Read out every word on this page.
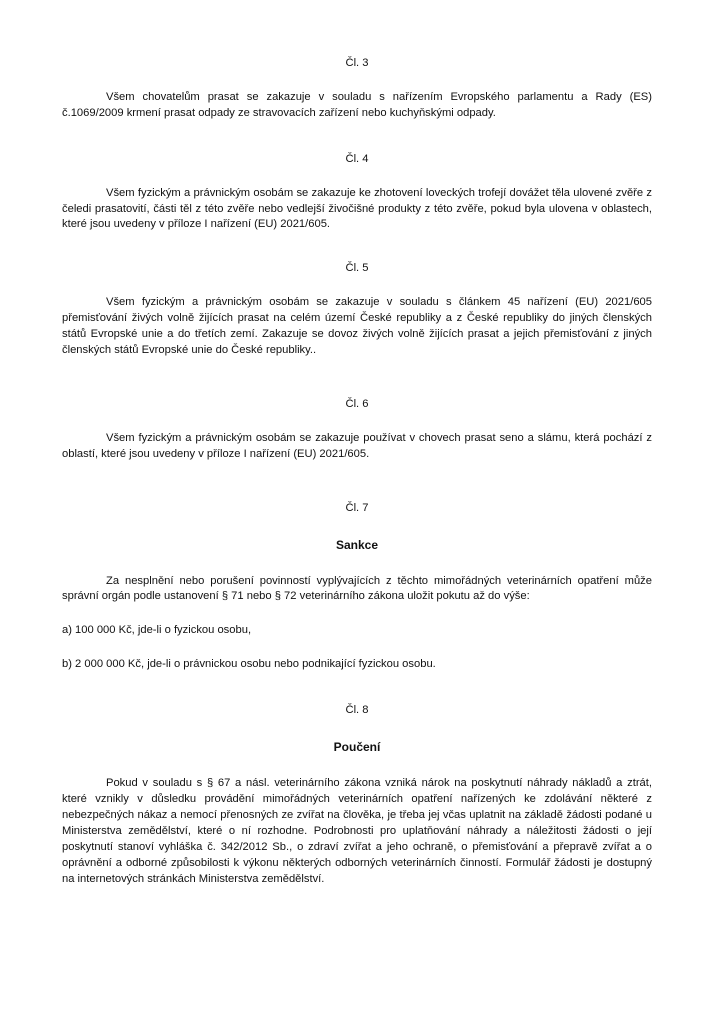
Čl. 3

Všem chovatelům prasat se zakazuje v souladu s nařízením Evropského parlamentu a Rady (ES) č.1069/2009 krmení prasat odpady ze stravovacích zařízení nebo kuchyňskými odpady.

Čl. 4

Všem fyzickým a právnickým osobám se zakazuje ke zhotovení loveckých trofejí dovážet těla ulovené zvěře z čeledi prasatovití, části těl z této zvěře nebo vedlejší živočišné produkty z této zvěře, pokud byla ulovena v oblastech, které jsou uvedeny v příloze I nařízení (EU) 2021/605.

Čl. 5

Všem fyzickým a právnickým osobám se zakazuje v souladu s článkem 45 nařízení (EU) 2021/605 přemisťování živých volně žijících prasat na celém území České republiky a z České republiky do jiných členských států Evropské unie a do třetích zemí. Zakazuje se dovoz živých volně žijících prasat a jejich přemisťování z jiných členských států Evropské unie do České republiky..

Čl. 6

Všem fyzickým a právnickým osobám se zakazuje používat v chovech prasat seno a slámu, která pochází z oblastí, které jsou uvedeny v příloze I nařízení (EU) 2021/605.

Čl. 7
Sankce

Za nesplnění nebo porušení povinností vyplývajících z těchto mimořádných veterinárních opatření může správní orgán podle ustanovení § 71 nebo § 72 veterinárního zákona uložit pokutu až do výše:

a) 100 000 Kč, jde-li o fyzickou osobu,

b) 2 000 000 Kč, jde-li o právnickou osobu nebo podnikající fyzickou osobu.

Čl. 8
Poučení

Pokud v souladu s § 67 a násl. veterinárního zákona vzniká nárok na poskytnutí náhrady nákladů a ztrát, které vznikly v důsledku provádění mimořádných veterinárních opatření nařízených ke zdolávání některé z nebezpečných nákaz a nemocí přenosných ze zvířat na člověka, je třeba jej včas uplatnit na základě žádosti podané u Ministerstva zemědělství, které o ní rozhodne. Podrobnosti pro uplatňování náhrady a náležitosti žádosti o její poskytnutí stanoví vyhláška č. 342/2012 Sb., o zdraví zvířat a jeho ochraně, o přemisťování a přepravě zvířat a o oprávnění a odborné způsobilosti k výkonu některých odborných veterinárních činností. Formulář žádosti je dostupný na internetových stránkách Ministerstva zemědělství.
